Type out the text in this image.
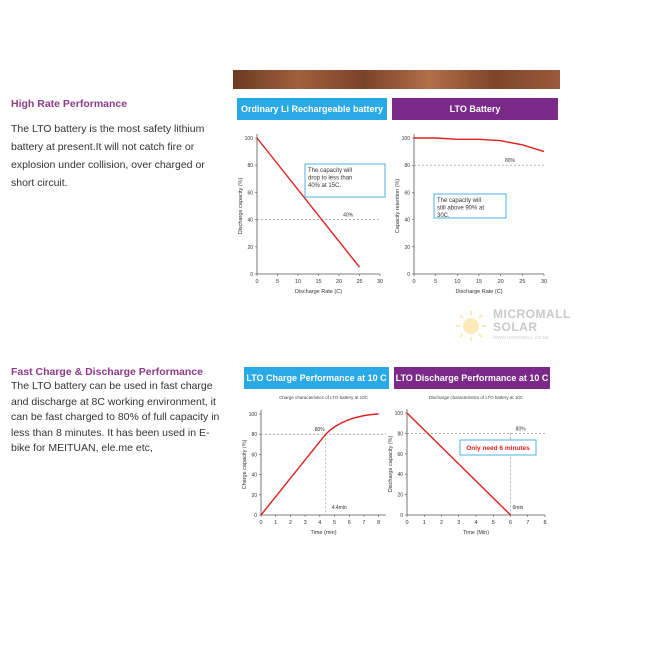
High Rate Performance
The LTO battery is the most safety lithium
battery at present.It will not catch fire or
explosion under collision, over charged or
short circuit.
Fast Charge & Discharge Performance
The LTO battery can be used in fast charge
and discharge at 8C working environment, it
can be fast charged to 80% of full capacity in
less than 8 minutes. It has been used in E-
bike for MEITUAN, ele.me etc,
Ordinary Li Rechargeable battery
0	5	10	15	20	25	30
0
20
40
60
80
100
Discharge Rate (C)
Discharge capacity (%)	40%
The capacity will drop to less than 40% at 15C.
LTO Battery
0	5	10	15	20	25	30
0
20
40
60
80
100
Discharge Rate (C)
Capacity retention (%)
80%
The capacity will still above 90% at 30C.
LTO Charge Performance at 10 C
Charge characteristics of LTO battery at 10C
0 1 2 3 4 5 6 7 8
0
20
40
60
80
100
Time (min)
Charge capacity (%)
80%
4.4min
LTO Discharge Performance at 10 C
Discharge characteristics of LTO battery at 10C
0	1	2	3	4	5	6	7	8
0
20
40
60
80
100
Time (Min)
Discharge capacity (%)
80%
6min
Only need 6 minutes
MICROMALL
SOLAR
WWW.MICROMALL.CO.NZ
